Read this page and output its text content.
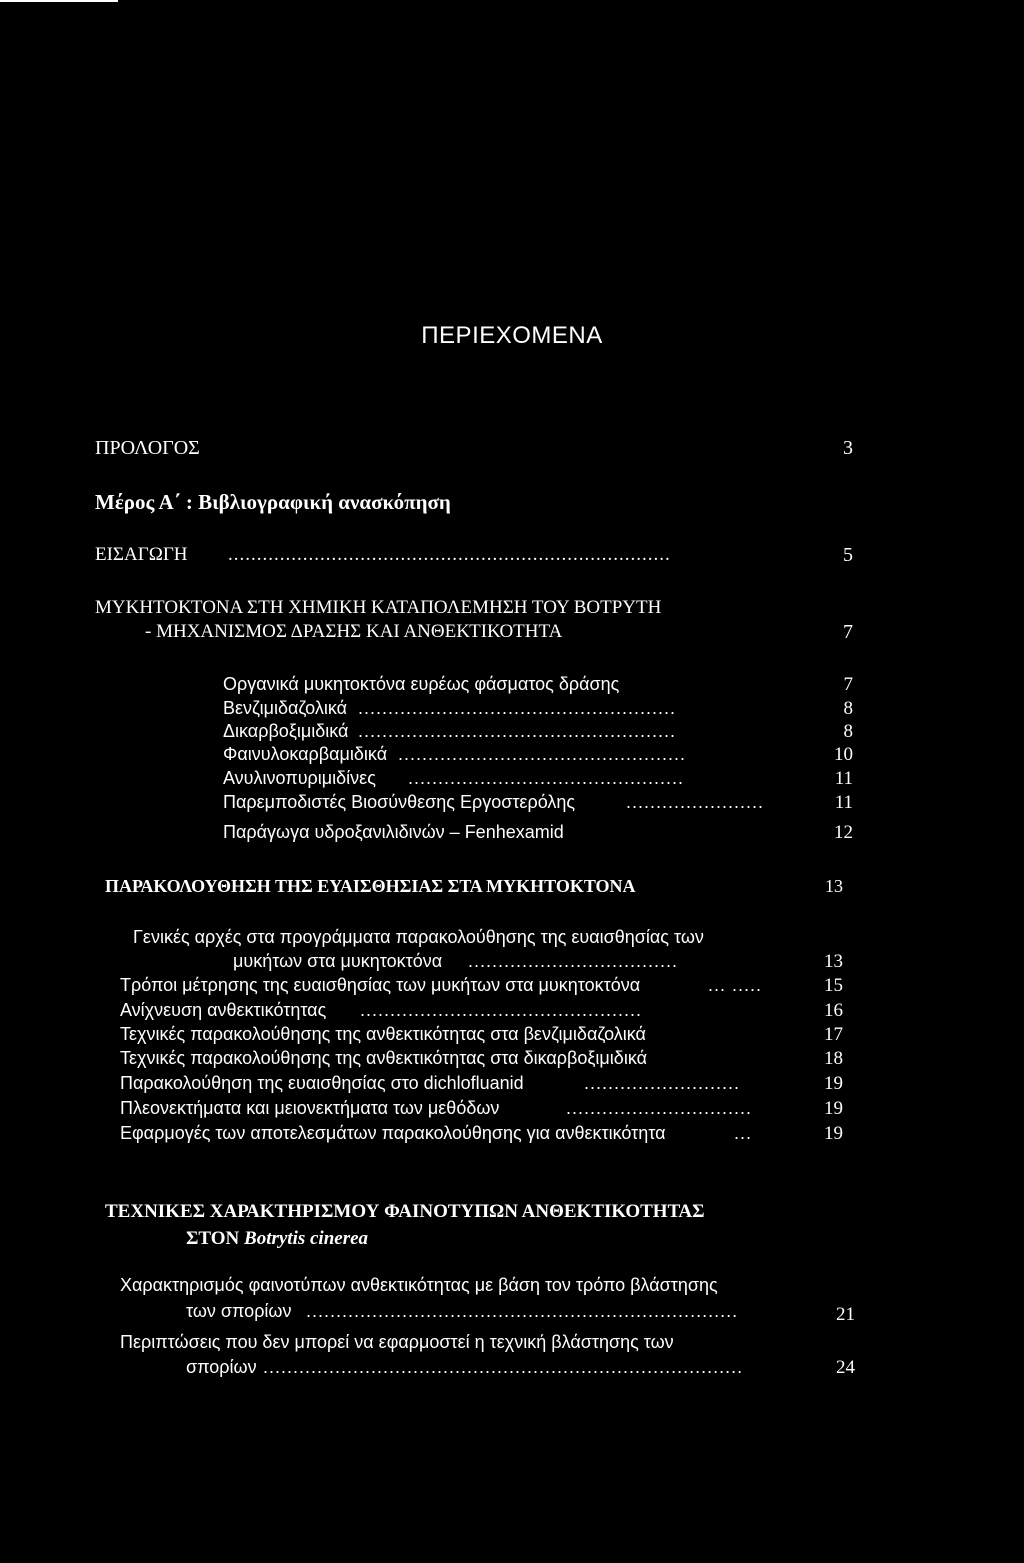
ΠΕΡΙΕΧΟΜΕΝΑ
ΠΡΟΛΟΓΟΣ	3
Μέρος Α΄ : Βιβλιογραφική ανασκόπηση
ΕΙΣΑΓΩΓΗ .............................................................................	5
ΜΥΚΗΤΟΚΤΟΝΑ ΣΤΗ ΧΗΜΙΚΗ ΚΑΤΑΠΟΛΕΜΗΣΗ ΤΟΥ ΒΟΤΡΥΤΗ
- ΜΗΧΑΝΙΣΜΟΣ ΔΡΑΣΗΣ ΚΑΙ ΑΝΘΕΚΤΙΚΟΤΗΤΑ	7
Οργανικά μυκητοκτόνα ευρέως φάσματος δράσης	7
Βενζιμιδαζολικά .....................................................	8
Δικαρβοξιμιδικά .....................................................	8
Φαινυλοκαρβαμιδικά ................................................	10
Ανυλινοπυριμιδίνες ..............................................	11
Παρεμποδιστές Βιοσύνθεσης Εργοστερόλης	.......................	11
Παράγωγα υδροξανιλιδινών – Fenhexamid	12
ΠΑΡΑΚΟΛΟΥΘΗΣΗ ΤΗΣ ΕΥΑΙΣΘΗΣΙΑΣ ΣΤΑ ΜΥΚΗΤΟΚΤΟΝΑ	13
Γενικές αρχές στα προγράμματα παρακολούθησης της ευαισθησίας των
μυκήτων στα μυκητοκτόνα ...................................	13
Τρόποι μέτρησης της ευαισθησίας των μυκήτων στα μυκητοκτόνα	... .....	15
Ανίχνευση ανθεκτικότητας ...............................................	16
Τεχνικές παρακολούθησης της ανθεκτικότητας στα βενζιμιδαζολικά	17
Τεχνικές παρακολούθησης της ανθεκτικότητας στα δικαρβοξιμιδικά	18
Παρακολούθηση της ευαισθησίας στο dichlofluanid	..........................	19
Πλεονεκτήματα και μειονεκτήματα των μεθόδων	...............................	19
Εφαρμογές των αποτελεσμάτων παρακολούθησης για ανθεκτικότητα	...	19
ΤΕΧΝΙΚΕΣ ΧΑΡΑΚΤΗΡΙΣΜΟΥ ΦΑΙΝΟΤΥΠΩΝ ΑΝΘΕΚΤΙΚΟΤΗΤΑΣ
ΣΤΟΝ Botrytis cinerea
Χαρακτηρισμός φαινοτύπων ανθεκτικότητας με βάση τον τρόπο βλάστησης
των σπορίων ........................................................................	21
Περιπτώσεις που δεν μπορεί να εφαρμοστεί η τεχνική βλάστησης των
σπορίων ................................................................................	24
